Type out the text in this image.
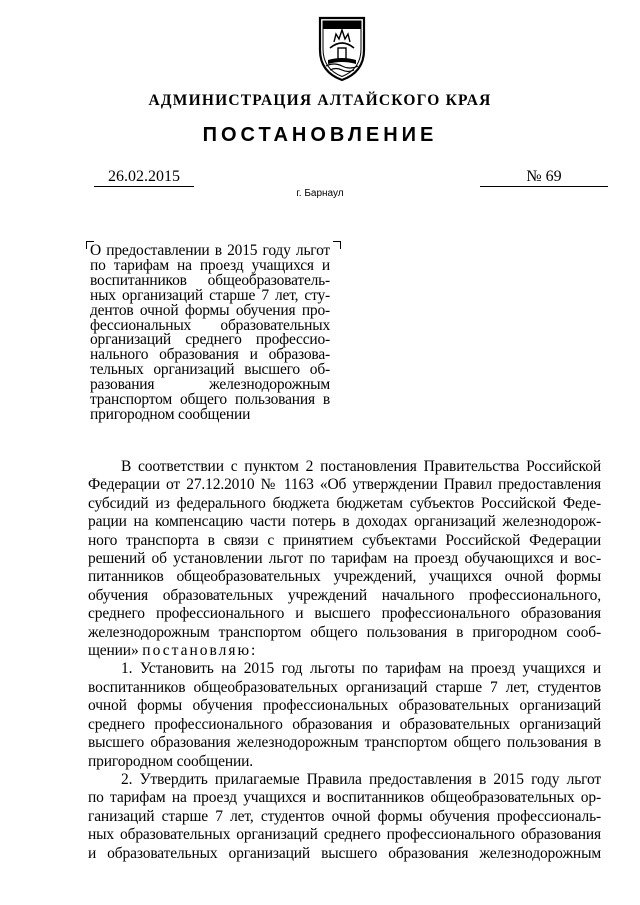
АДМИНИСТРАЦИЯ АЛТАЙСКОГО КРАЯ
ПОСТАНОВЛЕНИЕ
26.02.2015	№ 69
г. Барнаул
О предоставлении в 2015 году льгот
по тарифам на проезд учащихся и
воспитанников общеобразователь-
ных организаций старше 7 лет, сту-
дентов очной формы обучения про-
фессиональных образовательных
организаций среднего профессио-
нального образования и образова-
тельных организаций высшего об-
разования железнодорожным
транспортом общего пользования в
пригородном сообщении
В соответствии с пунктом 2 постановления Правительства Российской
Федерации от 27.12.2010 № 1163 «Об утверждении Правил предоставления
субсидий из федерального бюджета бюджетам субъектов Российской Феде-
рации на компенсацию части потерь в доходах организаций железнодорож-
ного транспорта в связи с принятием субъектами Российской Федерации
решений об установлении льгот по тарифам на проезд обучающихся и вос-
питанников общеобразовательных учреждений, учащихся очной формы
обучения образовательных учреждений начального профессионального,
среднего профессионального и высшего профессионального образования
железнодорожным транспортом общего пользования в пригородном сооб-
щении» постановляю:
1. Установить на 2015 год льготы по тарифам на проезд учащихся и
воспитанников общеобразовательных организаций старше 7 лет, студентов
очной формы обучения профессиональных образовательных организаций
среднего профессионального образования и образовательных организаций
высшего образования железнодорожным транспортом общего пользования в
пригородном сообщении.
2. Утвердить прилагаемые Правила предоставления в 2015 году льгот
по тарифам на проезд учащихся и воспитанников общеобразовательных ор-
ганизаций старше 7 лет, студентов очной формы обучения профессиональ-
ных образовательных организаций среднего профессионального образования
и образовательных организаций высшего образования железнодорожным
